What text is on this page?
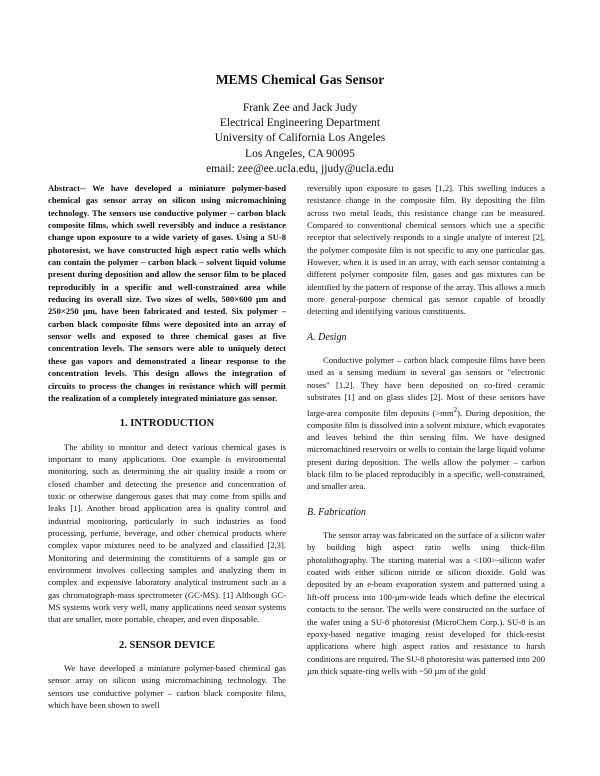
MEMS Chemical Gas Sensor
Frank Zee and Jack Judy
Electrical Engineering Department
University of California Los Angeles
Los Angeles, CA 90095
email: zee@ee.ucla.edu, jjudy@ucla.edu

Abstract-- We have developed a miniature polymer-based chemical gas sensor array on silicon using micromachining technology. The sensors use conductive polymer – carbon black composite films, which swell reversibly and induce a resistance change upon exposure to a wide variety of gases. Using a SU-8 photoresist, we have constructed high aspect ratio wells which can contain the polymer – carbon black – solvent liquid volume present during deposition and allow the sensor film to be placed reproducibly in a specific and well-constrained area while reducing its overall size. Two sizes of wells, 500×600 µm and 250×250 µm, have been fabricated and tested. Six polymer – carbon black composite films were deposited into an array of sensor wells and exposed to three chemical gases at five concentration levels. The sensors were able to uniquely detect these gas vapors and demonstrated a linear response to the concentration levels. This design allows the integration of circuits to process the changes in resistance which will permit the realization of a completely integrated miniature gas sensor.

1. INTRODUCTION

The ability to monitor and detect various chemical gases is important to many applications. One example is environmental monitoring, such as determining the air quality inside a room or closed chamber and detecting the presence and concentration of toxic or otherwise dangerous gases that may come from spills and leaks [1]. Another broad application area is quality control and industrial monitoring, particularly in such industries as food processing, perfume, beverage, and other chemical products where complex vapor mixtures need to be analyzed and classified [2,3]. Monitoring and determining the constituents of a sample gas or environment involves collecting samples and analyzing them in complex and expensive laboratory analytical instrument such as a gas chromatograph-mass spectrometer (GC-MS). [1] Although GC-MS systems work very well, many applications need sensor systems that are smaller, more portable, cheaper, and even disposable.

2. SENSOR DEVICE

We have developed a miniature polymer-based chemical gas sensor array on silicon using micromachining technology. The sensors use conductive polymer – carbon black composite films, which have been shown to swell

reversibly upon exposure to gases [1,2]. This swelling induces a resistance change in the composite film. By depositing the film across two metal leads, this resistance change can be measured. Compared to conventional chemical sensors which use a specific receptor that selectively responds to a single analyte of interest [2], the polymer composite film is not specific to any one particular gas. However, when it is used in an array, with each sensor containing a different polymer composite film, gases and gas mixtures can be identified by the pattern of response of the array. This allows a much more general-purpose chemical gas sensor capable of broadly detecting and identifying various constituents.

A. Design

Conductive polymer – carbon black composite films have been used as a sensing medium in several gas sensors or "electronic noses" [1,2]. They have been deposited on co-fired ceramic substrates [1] and on glass slides [2]. Most of these sensors have large-area composite film deposits $(>mm^2)$. During deposition, the composite film is dissolved into a solvent mixture, which evaporates and leaves behind the thin sensing film. We have designed micromachined reservoirs or wells to contain the large liquid volume present during deposition. The wells allow the polymer – carbon black film to be placed reproducibly in a specific, well-constrained, and smaller area.

B. Fabrication

The sensor array was fabricated on the surface of a silicon wafer by building high aspect ratio wells using thick-film photolithography. The starting material was a <100>-silicon wafer coated with either silicon nitride or silicon dioxide. Gold was deposited by an e-beam evaporation system and patterned using a lift-off process into 100-µm-wide leads which define the electrical contacts to the sensor. The wells were constructed on the surface of the wafer using a SU-8 photoresist (MicroChem Corp.). SU-8 is an epoxy-based negative imaging resist developed for thick-resist applications where high aspect ratios and resistance to harsh conditions are required. The SU-8 photoresist was patterned into 200 µm thick square-ring wells with ~50 µm of the gold
